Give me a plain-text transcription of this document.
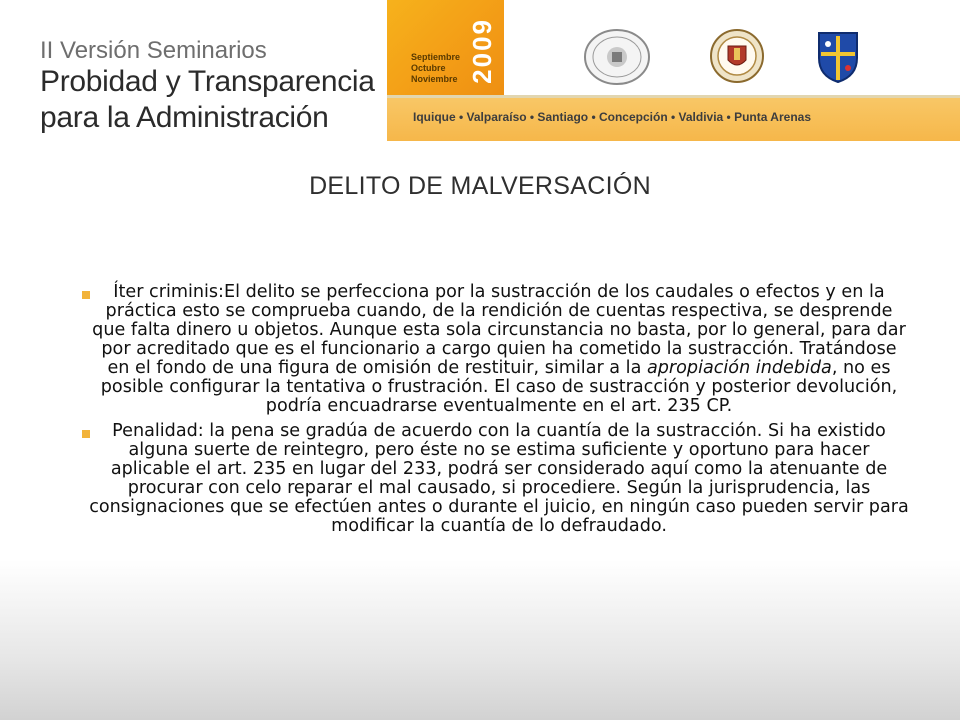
II Versión Seminarios
Probidad y Transparencia
para la Administración
Septiembre
Octubre
Noviembre 2009
Iquique • Valparaíso • Santiago • Concepción • Valdivia • Punta Arenas
DELITO DE MALVERSACIÓN
Íter criminis:El delito se perfecciona por la sustracción de los caudales o efectos y en la práctica esto se comprueba cuando, de la rendición de cuentas respectiva, se desprende que falta dinero u objetos. Aunque esta sola circunstancia no basta, por lo general, para dar por acreditado que es el funcionario a cargo quien ha cometido la sustracción. Tratándose en el fondo de una figura de omisión de restituir, similar a la apropiación indebida, no es posible configurar la tentativa o frustración. El caso de sustracción y posterior devolución, podría encuadrarse eventualmente en el art. 235 CP.
Penalidad: la pena se gradúa de acuerdo con la cuantía de la sustracción. Si ha existido alguna suerte de reintegro, pero éste no se estima suficiente y oportuno para hacer aplicable el art. 235 en lugar del 233, podrá ser considerado aquí como la atenuante de procurar con celo reparar el mal causado, si procediere. Según la jurisprudencia, las consignaciones que se efectúen antes o durante el juicio, en ningún caso pueden servir para modificar la cuantía de lo defraudado.
